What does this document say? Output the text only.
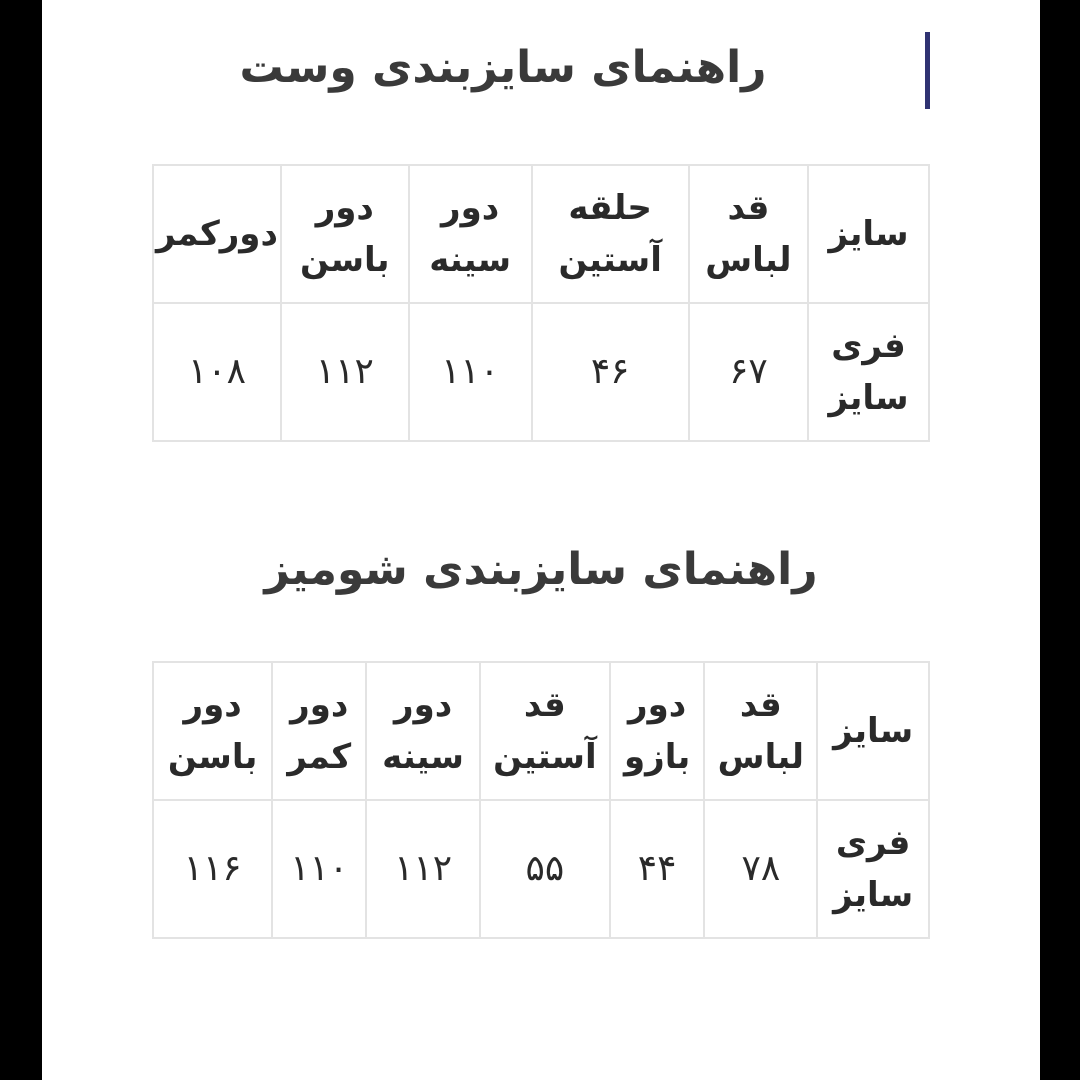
راهنمای سایزبندی وست
سایز	قد لباس	حلقه آستین	دور سینه	دور باسن	دورکمر
فری سایز	۶۷	۴۶	۱۱۰	۱۱۲	۱۰۸
راهنمای سایزبندی شومیز
سایز	قد لباس	دور بازو	قد آستین	دور سینه	دور کمر	دور باسن
فری سایز	۷۸	۴۴	۵۵	۱۱۲	۱۱۰	۱۱۶
